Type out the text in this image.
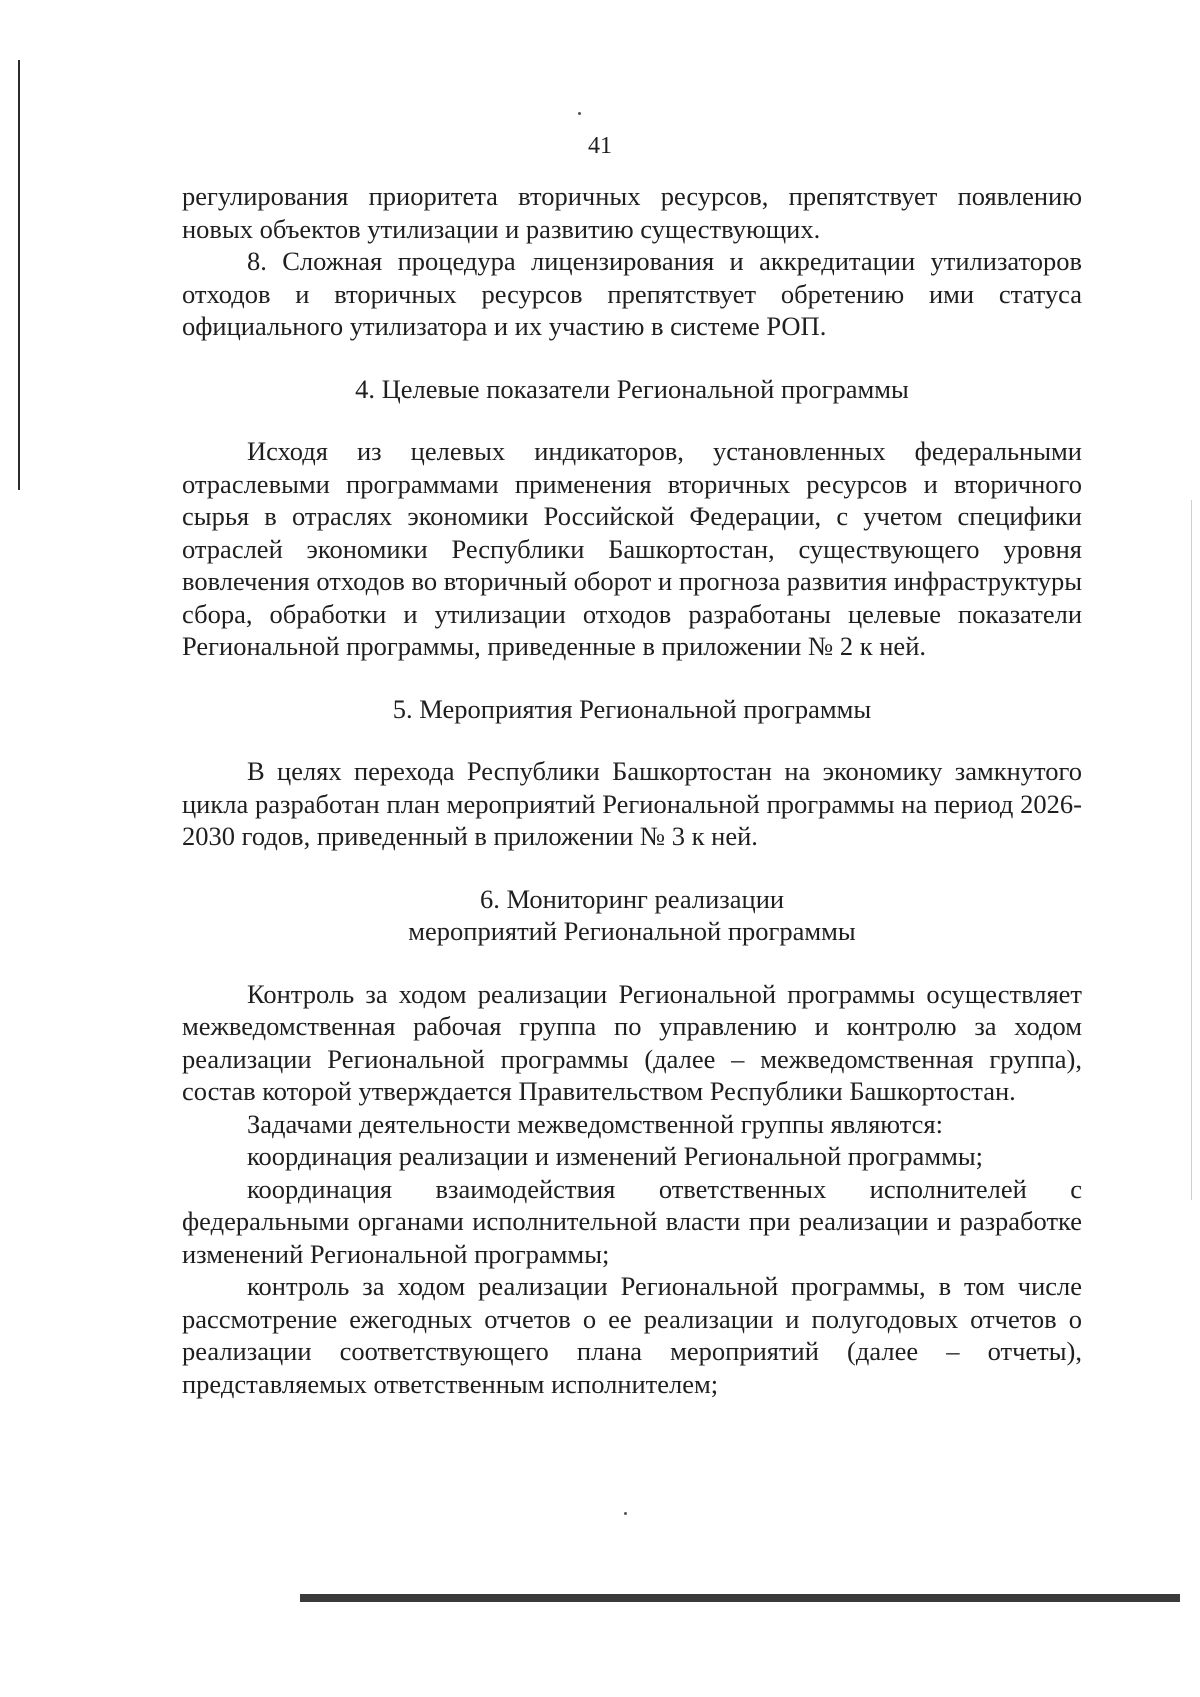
41

регулирования приоритета вторичных ресурсов, препятствует появлению новых объектов утилизации и развитию существующих.

8. Сложная процедура лицензирования и аккредитации утилизаторов отходов и вторичных ресурсов препятствует обретению ими статуса официального утилизатора и их участию в системе РОП.

4. Целевые показатели Региональной программы

Исходя из целевых индикаторов, установленных федеральными отраслевыми программами применения вторичных ресурсов и вторичного сырья в отраслях экономики Российской Федерации, с учетом специфики отраслей экономики Республики Башкортостан, существующего уровня вовлечения отходов во вторичный оборот и прогноза развития инфраструктуры сбора, обработки и утилизации отходов разработаны целевые показатели Региональной программы, приведенные в приложении № 2 к ней.

5. Мероприятия Региональной программы

В целях перехода Республики Башкортостан на экономику замкнутого цикла разработан план мероприятий Региональной программы на период 2026-2030 годов, приведенный в приложении № 3 к ней.

6. Мониторинг реализации
мероприятий Региональной программы

Контроль за ходом реализации Региональной программы осуществляет межведомственная рабочая группа по управлению и контролю за ходом реализации Региональной программы (далее – межведомственная группа), состав которой утверждается Правительством Республики Башкортостан.

Задачами деятельности межведомственной группы являются:

координация реализации и изменений Региональной программы;

координация взаимодействия ответственных исполнителей с федеральными органами исполнительной власти при реализации и разработке изменений Региональной программы;

контроль за ходом реализации Региональной программы, в том числе рассмотрение ежегодных отчетов о ее реализации и полугодовых отчетов о реализации соответствующего плана мероприятий (далее – отчеты), представляемых ответственным исполнителем;
